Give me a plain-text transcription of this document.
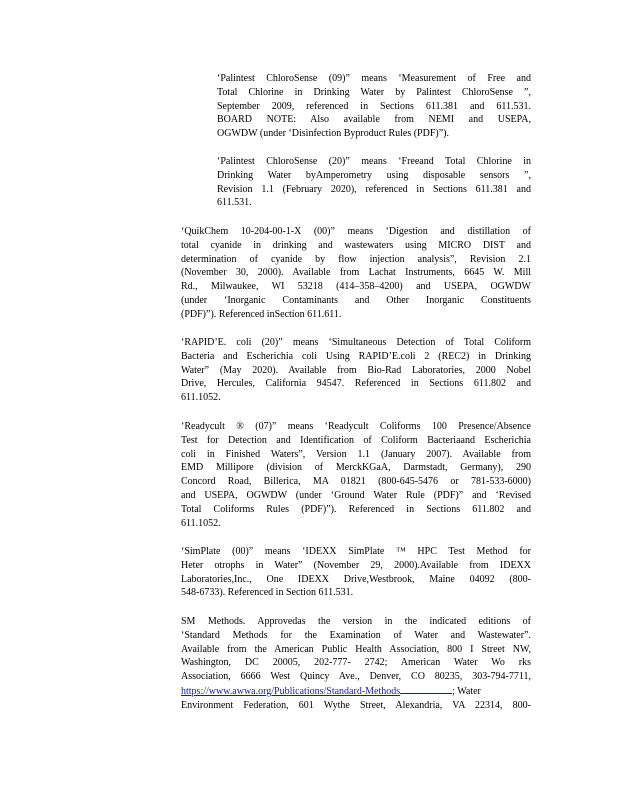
‘Palintest ChloroSense (09)” means ‘Measurement of Free and
Total Chlorine in Drinking Water by Palintest ChloroSense ”,
September 2009, referenced in Sections 611.381 and 611.531.
BOARD NOTE: Also available from NEMI and USEPA,
OGWDW (under ‘Disinfection Byproduct Rules (PDF)”).

‘Palintest ChloroSense (20)” means ‘Freeand Total Chlorine in
Drinking Water byAmperometry using disposable sensors ”,
Revision 1.1 (February 2020), referenced in Sections 611.381 and
611.531.

‘QuikChem 10-204-00-1-X (00)” means ‘Digestion and distillation of
total cyanide in drinking and wastewaters using MICRO DIST and
determination of cyanide by flow injection analysis”, Revision 2.1
(November 30, 2000). Available from Lachat Instruments, 6645 W. Mill
Rd., Milwaukee, WI 53218 (414–358–4200) and USEPA, OGWDW
(under ‘Inorganic Contaminants and Other Inorganic Constituents
(PDF)”). Referenced inSection 611.611.

‘RAPID’E. coli (20)” means ‘Simultaneous Detection of Total Coliform
Bacteria and Escherichia coli Using RAPID’E.coli 2 (REC2) in Drinking
Water” (May 2020). Available from Bio-Rad Laboratories, 2000 Nobel
Drive, Hercules, California 94547. Referenced in Sections 611.802 and
611.1052.

‘Readycult ® (07)” means ‘Readycult Coliforms 100 Presence/Absence
Test for Detection and Identification of Coliform Bacteriaand Escherichia
coli in Finished Waters”, Version 1.1 (January 2007). Available from
EMD Millipore (division of MerckKGaA, Darmstadt, Germany), 290
Concord Road, Billerica, MA 01821 (800-645-5476 or 781-533-6000)
and USEPA, OGWDW (under ‘Ground Water Rule (PDF)” and ‘Revised
Total Coliforms Rules (PDF)”). Referenced in Sections 611.802 and
611.1052.

‘SimPlate (00)” means ‘IDEXX SimPlate ™ HPC Test Method for
Heter otrophs in Water” (November 29, 2000).Available from IDEXX
Laboratories,Inc., One IDEXX Drive,Westbrook, Maine 04092 (800-
548-6733). Referenced in Section 611.531.

SM Methods. Approvedas the version in the indicated editions of
‘Standard Methods for the Examination of Water and Wastewater”.
Available from the American Public Health Association, 800 I Street NW,
Washington, DC 20005, 202-777- 2742; American Water Wo rks
Association, 6666 West Quincy Ave., Denver, CO 80235, 303-794-7711,
https://www.awwa.org/Publications/Standard-Methods	; Water
Environment Federation, 601 Wythe Street, Alexandria, VA 22314, 800-
